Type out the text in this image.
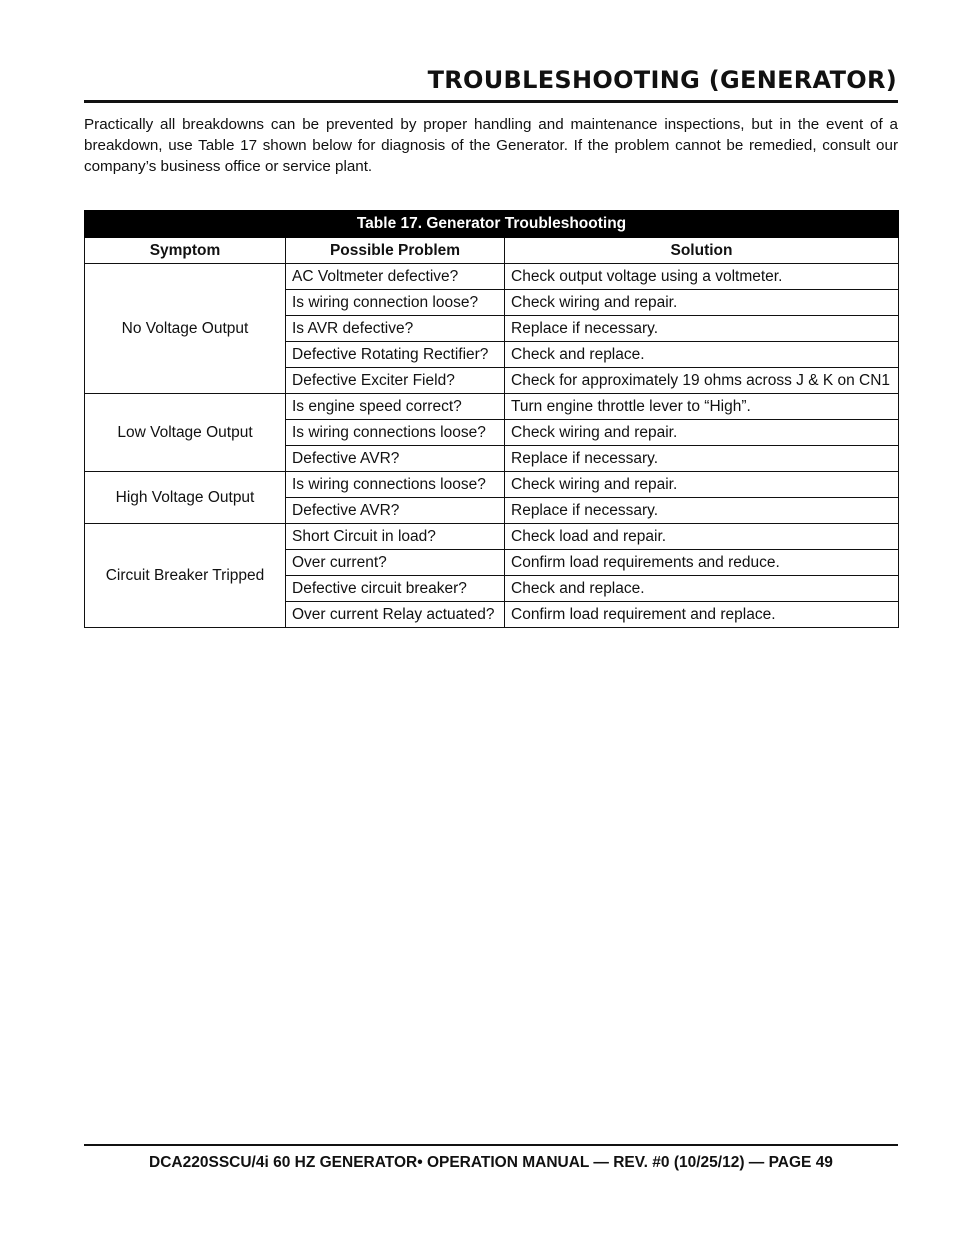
TROUBLESHOOTING (GENERATOR)

Practically all breakdowns can be prevented by proper handling and maintenance inspections, but in the event of a breakdown, use Table 17 shown below for diagnosis of the Generator. If the problem cannot be remedied, consult our company’s business office or service plant.

Table 17. Generator Troubleshooting		
Symptom	Possible Problem	Solution
No Voltage Output	AC Voltmeter defective?	Check output voltage using a voltmeter.
	Is wiring connection loose?	Check wiring and repair.
	Is AVR defective?	Replace if necessary.
	Defective Rotating Rectifier?	Check and replace.
	Defective Exciter Field?	Check for approximately 19 ohms across J & K on CN1
Low Voltage Output	Is engine speed correct?	Turn engine throttle lever to “High”.
	Is wiring connections loose?	Check wiring and repair.
	Defective AVR?	Replace if necessary.
High Voltage Output	Is wiring connections loose?	Check wiring and repair.
	Defective AVR?	Replace if necessary.
Circuit Breaker Tripped	Short Circuit in load?	Check load and repair.
	Over current?	Confirm load requirements and reduce.
	Defective circuit breaker?	Check and replace.
	Over current Relay actuated?	Confirm load requirement and replace.

DCA220SSCU/4i 60 HZ GENERATOR• OPERATION MANUAL — REV. #0 (10/25/12) — PAGE 49
